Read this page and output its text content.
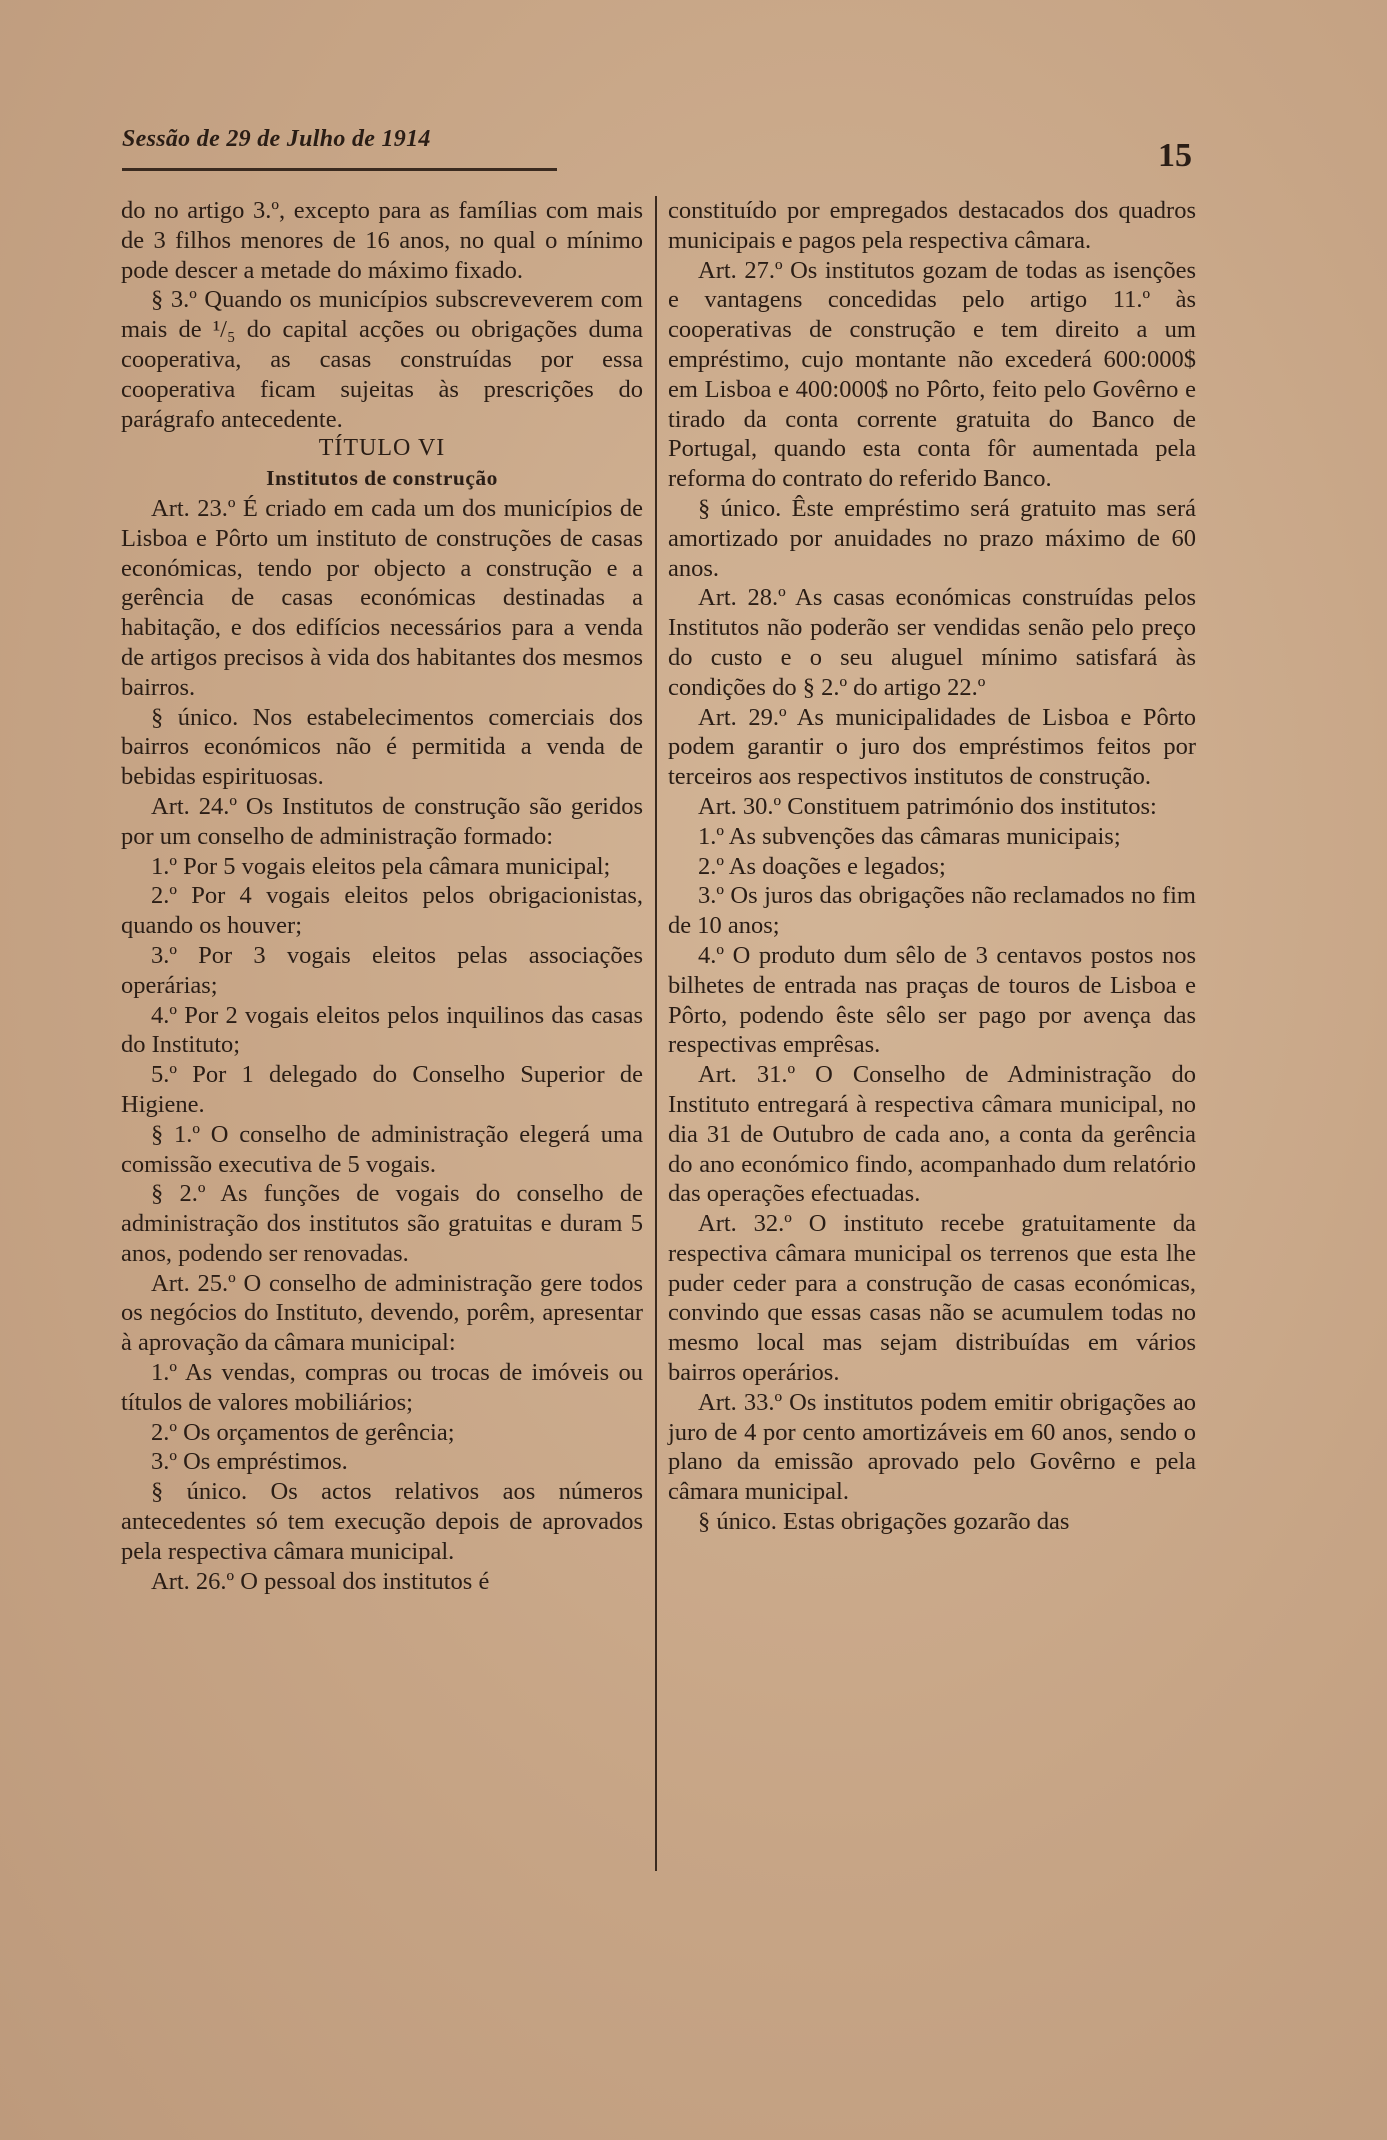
Sessão de 29 de Julho de 1914	15

do no artigo 3.º, excepto para as famílias com mais de 3 filhos menores de 16 anos, no qual o mínimo pode descer a metade do máximo fixado.

§ 3.º Quando os municípios subscreveverem com mais de ¹/₅ do capital acções ou obrigações duma cooperativa, as casas construídas por essa cooperativa ficam sujeitas às prescrições do parágrafo antecedente.

TÍTULO VI

Institutos de construção

Art. 23.º É criado em cada um dos municípios de Lisboa e Pôrto um instituto de construções de casas económicas, tendo por objecto a construção e a gerência de casas económicas destinadas a habitação, e dos edifícios necessários para a venda de artigos precisos à vida dos habitantes dos mesmos bairros.

§ único. Nos estabelecimentos comerciais dos bairros económicos não é permitida a venda de bebidas espirituosas.

Art. 24.º Os Institutos de construção são geridos por um conselho de administração formado:

1.º Por 5 vogais eleitos pela câmara municipal;

2.º Por 4 vogais eleitos pelos obrigacionistas, quando os houver;

3.º Por 3 vogais eleitos pelas associações operárias;

4.º Por 2 vogais eleitos pelos inquilinos das casas do Instituto;

5.º Por 1 delegado do Conselho Superior de Higiene.

§ 1.º O conselho de administração elegerá uma comissão executiva de 5 vogais.

§ 2.º As funções de vogais do conselho de administração dos institutos são gratuitas e duram 5 anos, podendo ser renovadas.

Art. 25.º O conselho de administração gere todos os negócios do Instituto, devendo, porêm, apresentar à aprovação da câmara municipal:

1.º As vendas, compras ou trocas de imóveis ou títulos de valores mobiliários;

2.º Os orçamentos de gerência;

3.º Os empréstimos.

§ único. Os actos relativos aos números antecedentes só tem execução depois de aprovados pela respectiva câmara municipal.

Art. 26.º O pessoal dos institutos é

constituído por empregados destacados dos quadros municipais e pagos pela respectiva câmara.

Art. 27.º Os institutos gozam de todas as isenções e vantagens concedidas pelo artigo 11.º às cooperativas de construção e tem direito a um empréstimo, cujo montante não excederá 600:000$ em Lisboa e 400:000$ no Pôrto, feito pelo Govêrno e tirado da conta corrente gratuita do Banco de Portugal, quando esta conta fôr aumentada pela reforma do contrato do referido Banco.

§ único. Êste empréstimo será gratuito mas será amortizado por anuidades no prazo máximo de 60 anos.

Art. 28.º As casas económicas construídas pelos Institutos não poderão ser vendidas senão pelo preço do custo e o seu aluguel mínimo satisfará às condições do § 2.º do artigo 22.º

Art. 29.º As municipalidades de Lisboa e Pôrto podem garantir o juro dos empréstimos feitos por terceiros aos respectivos institutos de construção.

Art. 30.º Constituem património dos institutos:

1.º As subvenções das câmaras municipais;

2.º As doações e legados;

3.º Os juros das obrigações não reclamados no fim de 10 anos;

4.º O produto dum sêlo de 3 centavos postos nos bilhetes de entrada nas praças de touros de Lisboa e Pôrto, podendo êste sêlo ser pago por avença das respectivas emprêsas.

Art. 31.º O Conselho de Administração do Instituto entregará à respectiva câmara municipal, no dia 31 de Outubro de cada ano, a conta da gerência do ano económico findo, acompanhado dum relatório das operações efectuadas.

Art. 32.º O instituto recebe gratuitamente da respectiva câmara municipal os terrenos que esta lhe puder ceder para a construção de casas económicas, convindo que essas casas não se acumulem todas no mesmo local mas sejam distribuídas em vários bairros operários.

Art. 33.º Os institutos podem emitir obrigações ao juro de 4 por cento amortizáveis em 60 anos, sendo o plano da emissão aprovado pelo Govêrno e pela câmara municipal.

§ único. Estas obrigações gozarão das
